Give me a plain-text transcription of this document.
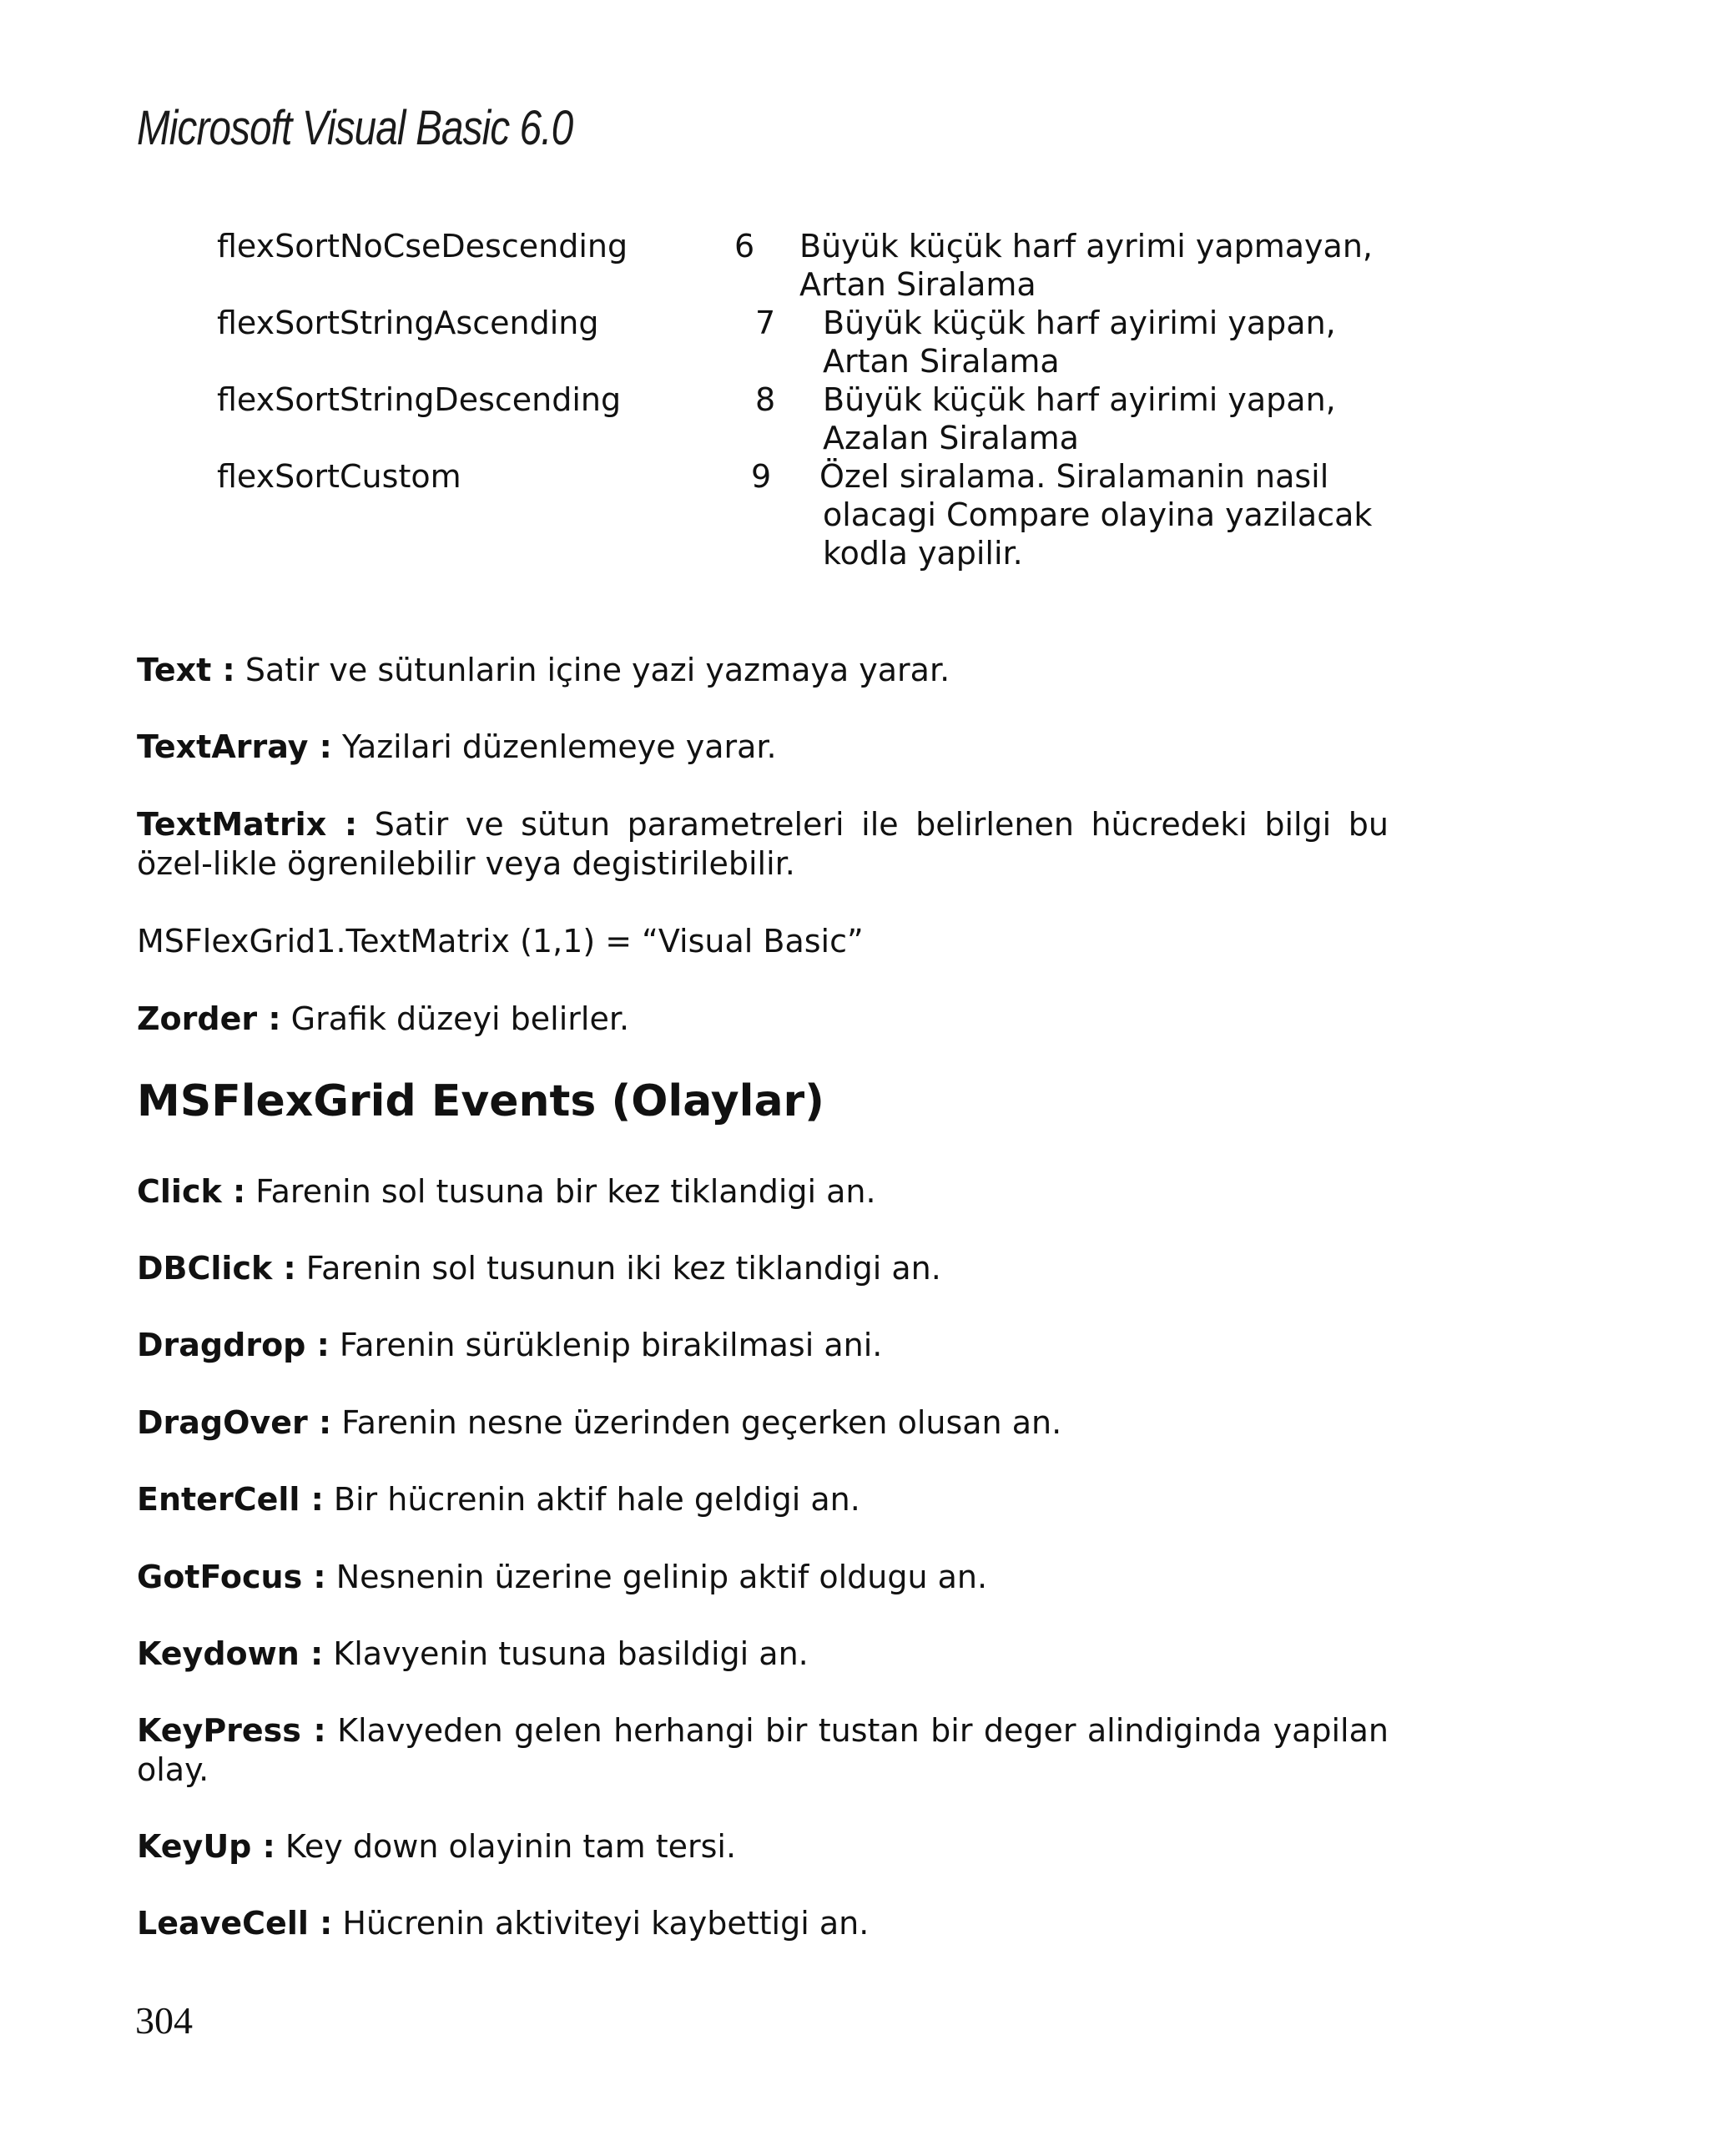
Microsoft Visual Basic 6.0
flexSortNoCseDescending	6 Büyük küçük harf ayrimi yapmayan,
Artan Siralama
flexSortStringAscending	7 Büyük küçük harf ayirimi yapan,
Artan Siralama
flexSortStringDescending	8 Büyük küçük harf ayirimi yapan,
Azalan Siralama
flexSortCustom	9 Özel siralama. Siralamanin nasil
olacagi Compare olayina yazilacak
kodla yapilir.
Text : Satir ve sütunlarin içine yazi yazmaya yarar.
TextArray : Yazilari düzenlemeye yarar.
TextMatrix : Satir ve sütun parametreleri ile belirlenen hücredeki bilgi bu özel-likle ögrenilebilir veya degistirilebilir.
MSFlexGrid1.TextMatrix (1,1) = “Visual Basic”
Zorder : Grafik düzeyi belirler.
MSFlexGrid Events (Olaylar)
Click : Farenin sol tusuna bir kez tiklandigi an.
DBClick : Farenin sol tusunun iki kez tiklandigi an.
Dragdrop : Farenin sürüklenip birakilmasi ani.
DragOver : Farenin nesne üzerinden geçerken olusan an.
EnterCell : Bir hücrenin aktif hale geldigi an.
GotFocus : Nesnenin üzerine gelinip aktif oldugu an.
Keydown : Klavyenin tusuna basildigi an.
KeyPress : Klavyeden gelen herhangi bir tustan bir deger alindiginda yapilan olay.
KeyUp : Key down olayinin tam tersi.
LeaveCell : Hücrenin aktiviteyi kaybettigi an.
304
